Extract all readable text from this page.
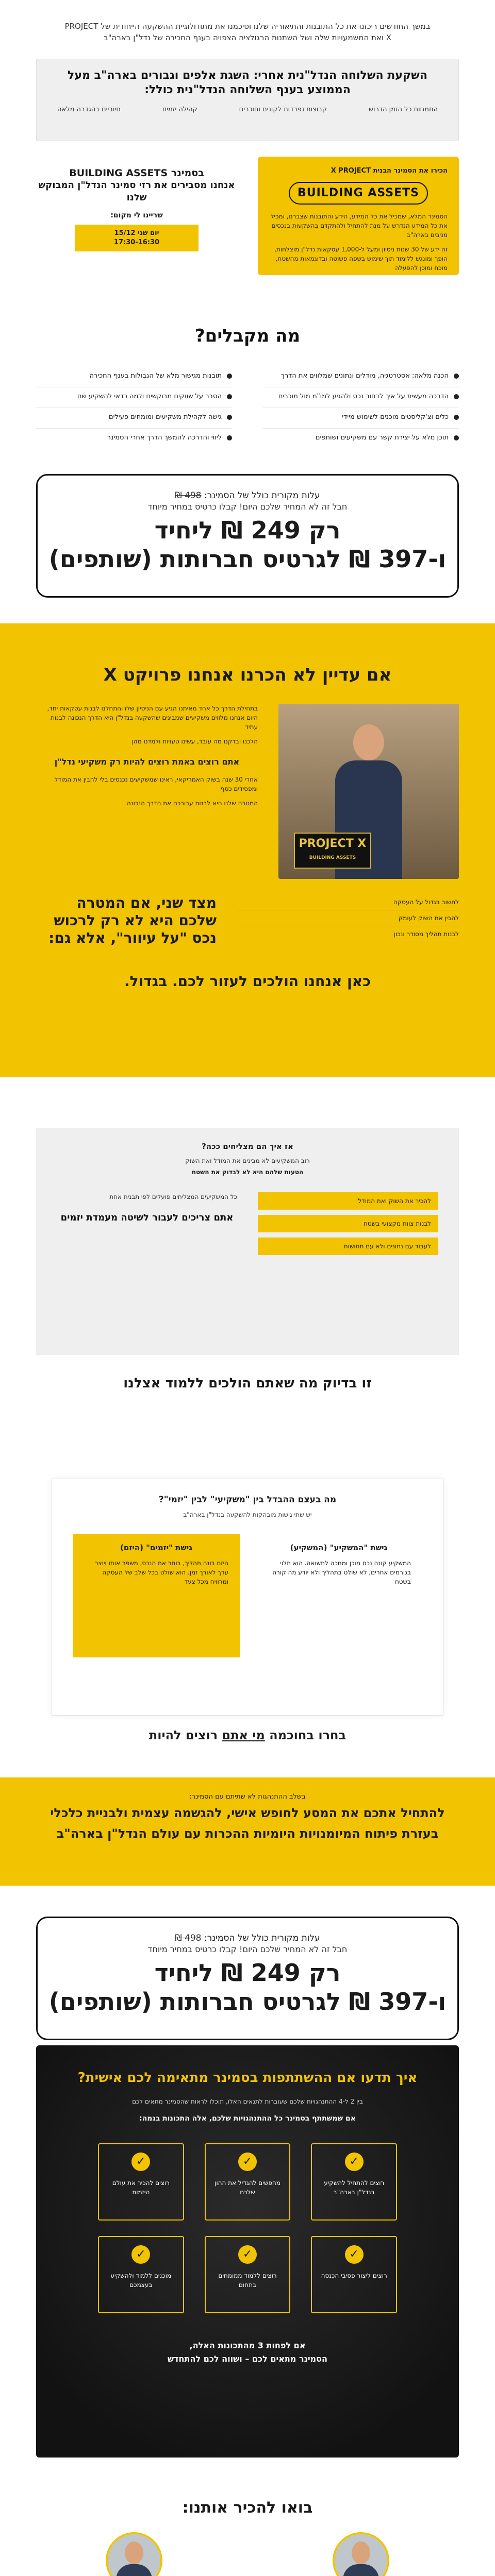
במשך החודשים ריכזנו את כל התובנות והתיאוריה שלנו וסיכמנו את מתודולוגיית ההשקעה הייחודית של PROJECT X ואת המשמעויות שלה ושל השתנות הרגולציה הצפויה בענף החכירה של נדל"ן בארה"ב

השקעת השלוחה הנדל"נית אחרי: השגת אלפים וגבורים בארה"ב מעל הממוצע בענף השלוחה הנדל"נית כולל:
התמחות כל הזמן הדרוש
קבוצות נפרדות לקונים וחוכרים
קהילה יזמית
חיוביים בהגדרה מלאה
הכירו את הסמינר הבנית X PROJECT
BUILDING ASSETS

הסמינר המלא, שמכיל את כל המידע, הידע והתובנות שצברנו, ומכיל את כל המידע הנדרש על מנת להתחיל ולהתקדם בהשקעות בנכסים מניבים בארה"ב

זה ידע של 30 שנות ניסיון ומעל ל-1,000 עסקאות נדל"ן מוצלחות, הופך ומונגש ללימוד תוך שימוש בשפה פשוטה ובדוגמאות מהשטח, מוכח ומוכן להפעלה

בסמינר BUILDING ASSETS
אנחנו מסבירים את רזי סמינר הנדל"ן המבוקש שלנו
שריינו לי מקום:
יום שני 15/12
17:30-16:30
מה מקבלים?
הכנה מלאה: אסטרטגיה, מודלים ונתונים שמלווים את הדרך
הדרכה מעשית על איך לבחור נכס ולהגיע למו"מ מול מוכרים
כלים וצ'קליסטים מוכנים לשימוש מיידי
תוכן מלא על יצירת קשר עם משקיעים ושותפים
תובנות מגישור מלא של הגבולות בענף החכירה
הסבר על שווקים מבוקשים ולמה כדאי להשקיע שם
גישה לקהילת משקיעים ומומחים פעילים
ליווי והדרכה להמשך הדרך אחרי הסמינר
עלות מקורית כולל של הסמינר: 498 ₪
חבל זה לא המחיר שלכם היום! קבלו כרטיס במחיר מיוחד
רק 249 ₪ ליחיד
ו-397 ₪ לגרטיס חברותות (שותפים)
אם עדיין לא הכרנו אנחנו פרויקט X
PROJECT X
BUILDING ASSETS

בתחילת הדרך כל אחד מאיתנו הגיע עם הניסיון שלו והתחלנו לבנות עסקאות יחד, היום אנחנו מלווים משקיעים שמבינים שהשקעה בנדל"ן היא הדרך הנכונה לבנות עתיד

הלכנו ובדקנו מה עובד, עשינו טעויות ולמדנו מהן

אתם רוצים באמת רוצים להיות רק משקיעי נדל"ן

אחרי 30 שנה בשוק האמריקאי, ראינו שמשקיעים נכנסים בלי להבין את המודל ומפסידים כסף

המטרה שלנו היא לבנות עבורכם את הדרך הנכונה

לחשוב בגדול על העסקה

להבין את השוק לעומק

לבנות תהליך מסודר ונכון

מצד שני, אם המטרה שלכם היא לא רק לרכוש נכס "על עיוור", אלא גם:
כאן אנחנו הולכים לעזור לכם. בגדול.
אז איך הם מצליחים ככה?
רוב המשקיעים לא מבינים את המודל ואת השוק
הטעות שלהם היא לא לבדוק את השטח
להכיר את השוק ואת המודל
לבנות צוות מקצועי בשטח
לעבוד עם נתונים ולא עם תחושות

כל המשקיעים המצליחים פועלים לפי תבנית אחת

אתם צריכים לעבור לשיטה מעמדת יזמים
זו בדיוק מה שאתם הולכים ללמוד אצלנו
מה בעצם ההבדל בין "משקיעי" לבין "יזמי"?
יש שתי גישות מובהקות להשקעה בנדל"ן בארה"ב
גישת "המשקיע" (המשקיע)

המשקיע קונה נכס מוכן ומחכה לתשואה. הוא תלוי בגורמים אחרים, לא שולט בתהליך ולא יודע מה קורה בשטח

גישת "יזמים" (היזם)

היזם בונה תהליך, בוחר את הנכס, משפר אותו ויוצר ערך לאורך זמן. הוא שולט בכל שלב של העסקה ומרוויח מכל צעד

בחרו בחוכמה מי אתם רוצים להיות
בשלב ההתנהגות לא שתיתם עם הסמינר:
להתחיל אתכם את המסע לחופש אישי, להגשמה עצמית ולבניית כלכלי
בעזרת פיתוח המיומנויות היומיות ההכרות עם עולם הנדל"ן בארה"ב
עלות מקורית כולל של הסמינר: 498 ₪
חבל זה לא המחיר שלכם היום! קבלו כרטיס במחיר מיוחד
רק 249 ₪ ליחיד
ו-397 ₪ לגרטיס חברותות (שותפים)
איך תדעו אם ההשתתפות בסמינר מתאימה לכם אישית?
בין 2 ל-4 ההתנהגויות שלכם שעוברות לתנאים האלו, תוכלו לראות שהסמינר מתאים לכם
אם שמשתתף בסמינר כל ההתנהגויות שלכם, אלה התכונות בגמה:
✓
רוצים להתחיל להשקיע בנדל"ן בארה"ב
✓
מחפשים להגדיל את ההון שלכם
✓
רוצים להכיר את עולם היזמות
✓
רוצים ליצור פסיבי הכנסה
✓
רוצים ללמוד ממומחים בתחום
✓
מוכנים ללמוד ולהשקיע בעצמכם
אם לפחות 3 מהתכונות האלה,
הסמינר מתאים לכם – ושווה לכם להתחדש
בואו להכיר אותנו:
